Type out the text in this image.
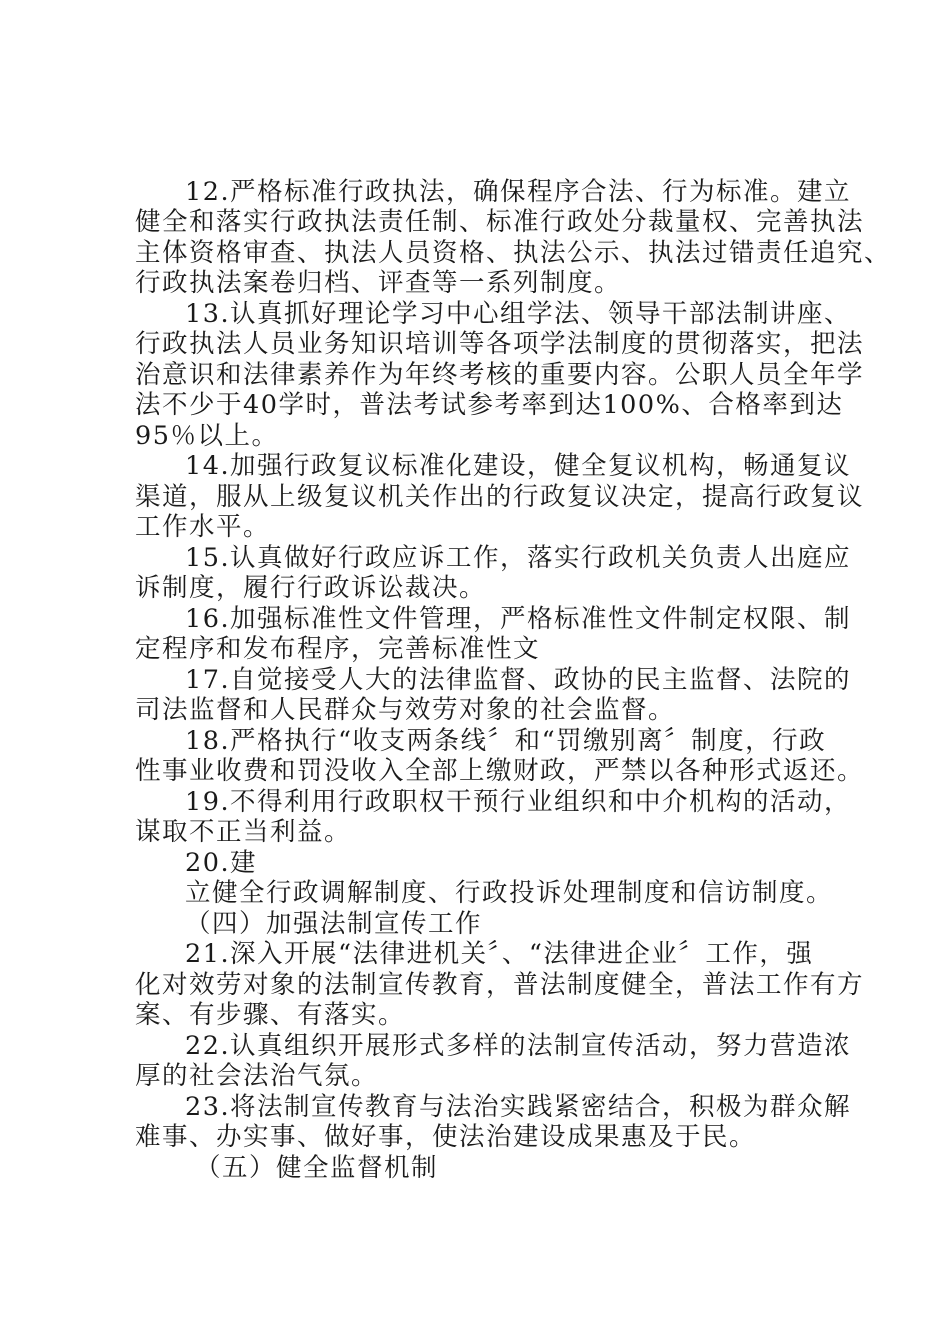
12.严格标准行政执法，确保程序合法、行为标准。建立
健全和落实行政执法责任制、标准行政处分裁量权、完善执法
主体资格审查、执法人员资格、执法公示、执法过错责任追究、
行政执法案卷归档、评查等一系列制度。
13.认真抓好理论学习中心组学法、领导干部法制讲座、
行政执法人员业务知识培训等各项学法制度的贯彻落实，把法
治意识和法律素养作为年终考核的重要内容。公职人员全年学
法不少于40学时，普法考试参考率到达100%、合格率到达
95％以上。
14.加强行政复议标准化建设，健全复议机构，畅通复议
渠道，服从上级复议机关作出的行政复议决定，提高行政复议
工作水平。
15.认真做好行政应诉工作，落实行政机关负责人出庭应
诉制度，履行行政诉讼裁决。
16.加强标准性文件管理，严格标准性文件制定权限、制
定程序和发布程序，完善标准性文
17.自觉接受人大的法律监督、政协的民主监督、法院的
司法监督和人民群众与效劳对象的社会监督。
18.严格执行“收支两条线〞和“罚缴别离〞制度，行政
性事业收费和罚没收入全部上缴财政，严禁以各种形式返还。
19.不得利用行政职权干预行业组织和中介机构的活动，
谋取不正当利益。
20.建
立健全行政调解制度、行政投诉处理制度和信访制度。
（四）加强法制宣传工作
21.深入开展“法律进机关〞、“法律进企业〞工作，强
化对效劳对象的法制宣传教育，普法制度健全，普法工作有方
案、有步骤、有落实。
22.认真组织开展形式多样的法制宣传活动，努力营造浓
厚的社会法治气氛。
23.将法制宣传教育与法治实践紧密结合，积极为群众解
难事、办实事、做好事，使法治建设成果惠及于民。
（五）健全监督机制
